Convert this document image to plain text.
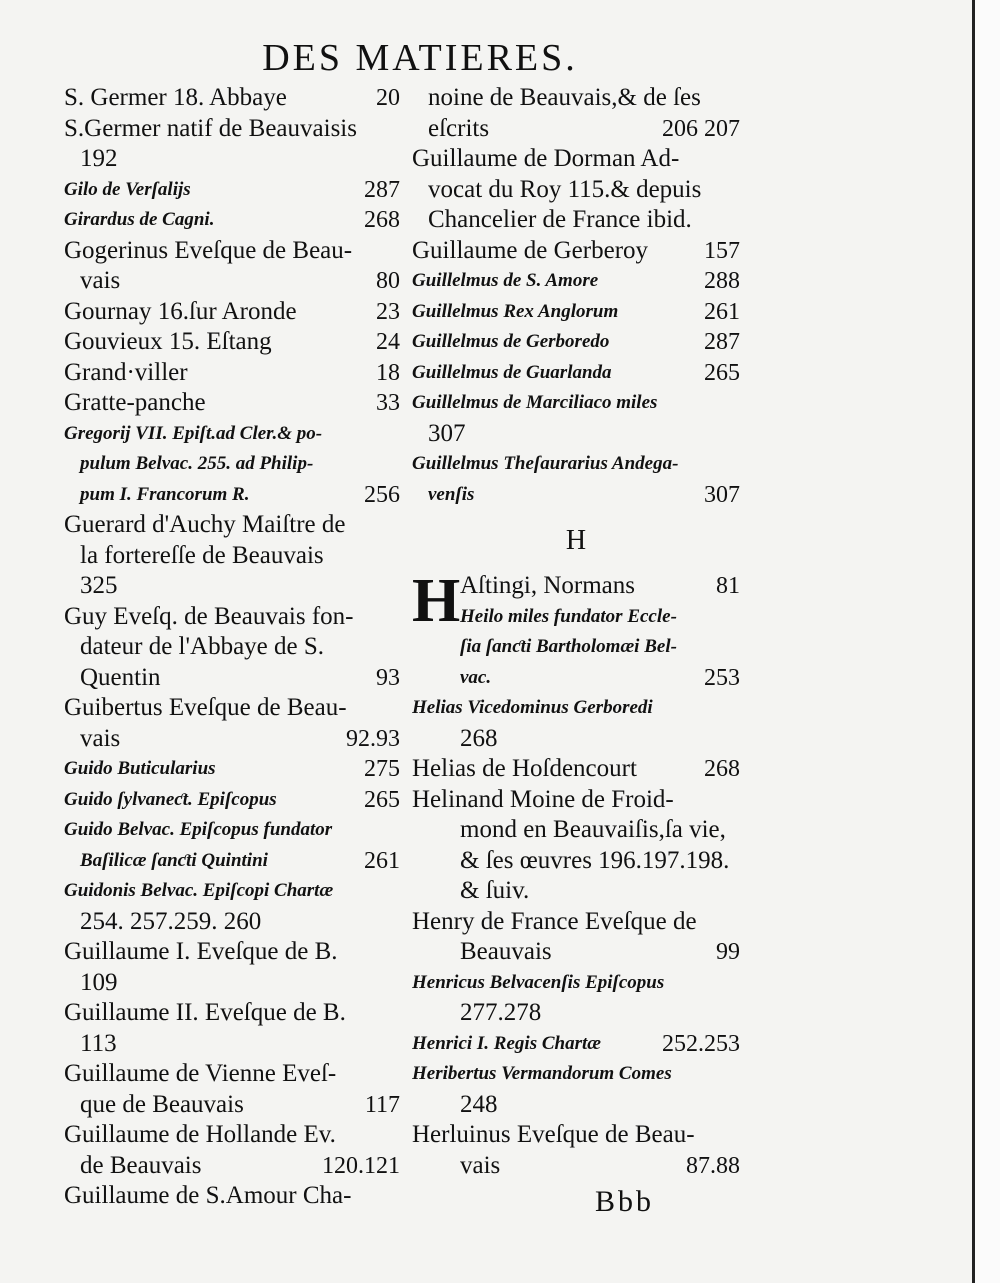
DES MATIERES.
S. Germer 18. Abbaye	20
S.Germer natif de Beauvaisis
192
Gilo de Verſalijs	287
Girardus de Cagni.	268
Gogerinus Eveſque de Beau-
vais	80
Gournay 16.ſur Aronde	23
Gouvieux 15. Eſtang	24
Grand·viller	18
Gratte-panche	33
Gregorij VII. Epiſt.ad Cler.& po-
pulum Belvac. 255. ad Philip-
pum I. Francorum R.	256
Guerard d'Auchy Maiſtre de
la fortereſſe de Beauvais
325
Guy Eveſq. de Beauvais fon-
dateur de l'Abbaye de S.
Quentin	93
Guibertus Eveſque de Beau-
vais	92.93
Guido Buticularius	275
Guido ſylvaneƈt. Epiſcopus	265
Guido Belvac. Epiſcopus fundator
Baſilicæ ſanƈti Quintini	261
Guidonis Belvac. Epiſcopi Chartæ
254. 257.259. 260
Guillaume I. Eveſque de B.
109
Guillaume II. Eveſque de B.
113
Guillaume de Vienne Eveſ-
que de Beauvais	117
Guillaume de Hollande Ev.
de Beauvais	120.121
Guillaume de S.Amour Cha-
noine de Beauvais,& de ſes
eſcrits	206 207
Guillaume de Dorman Ad-
vocat du Roy 115.& depuis
Chancelier de France ibid.
Guillaume de Gerberoy 157
Guillelmus de S. Amore	288
Guillelmus Rex Anglorum	261
Guillelmus de Gerboredo	287
Guillelmus de Guarlanda	265
Guillelmus de Marciliaco miles
307
Guillelmus Theſaurarius Andega-
venſis	307
H
H Aſtingi, Normans	81
Heilo miles fundator Eccle-
ſia ſanƈti Bartholomæi Bel-
vac.	253
Helias Vicedominus Gerboredi
268
Helias de Hoſdencourt	268
Helinand Moine de Froid-
mond en Beauvaiſis,ſa vie,
& ſes œuvres 196.197.198.
& ſuiv.
Henry de France Eveſque de
Beauvais	99
Henricus Belvacenſis Epiſcopus
277.278
Henrici I. Regis Chartæ	252.253
Heribertus Vermandorum Comes
248
Herluinus Eveſque de Beau-
vais	87.88
Bbb
